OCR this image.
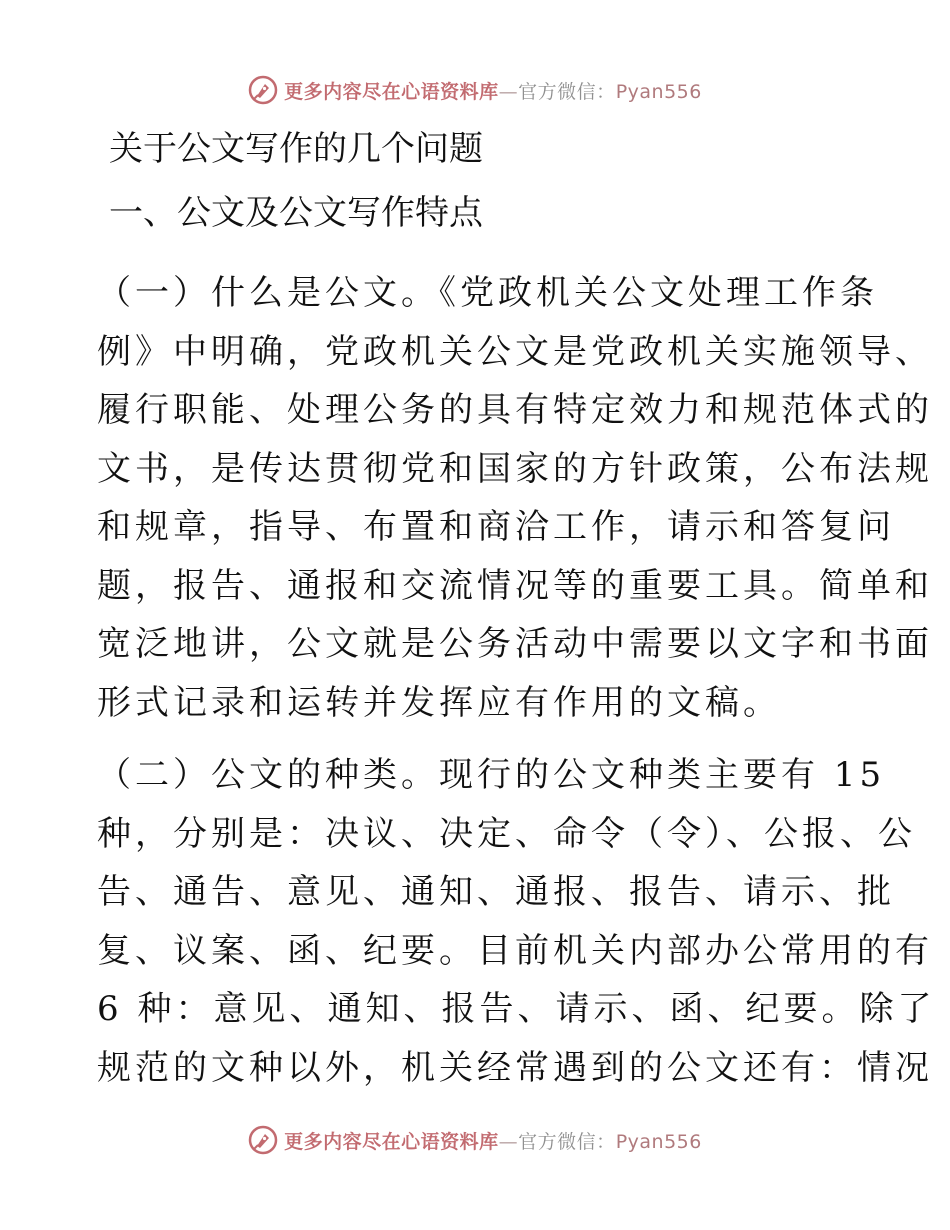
更多内容尽在心语资料库—官方微信：Pyan556

关于公文写作的几个问题

一、公文及公文写作特点

（一）什么是公文。《党政机关公文处理工作条

例》中明确，党政机关公文是党政机关实施领导、

履行职能、处理公务的具有特定效力和规范体式的

文书，是传达贯彻党和国家的方针政策，公布法规

和规章，指导、布置和商洽工作，请示和答复问

题，报告、通报和交流情况等的重要工具。简单和

宽泛地讲，公文就是公务活动中需要以文字和书面

形式记录和运转并发挥应有作用的文稿。

（二）公文的种类。现行的公文种类主要有 15

种，分别是：决议、决定、命令（令）、公报、公

告、通告、意见、通知、通报、报告、请示、批

复、议案、函、纪要。目前机关内部办公常用的有

6 种：意见、通知、报告、请示、函、纪要。除了

规范的文种以外，机关经常遇到的公文还有：情况

更多内容尽在心语资料库—官方微信：Pyan556
